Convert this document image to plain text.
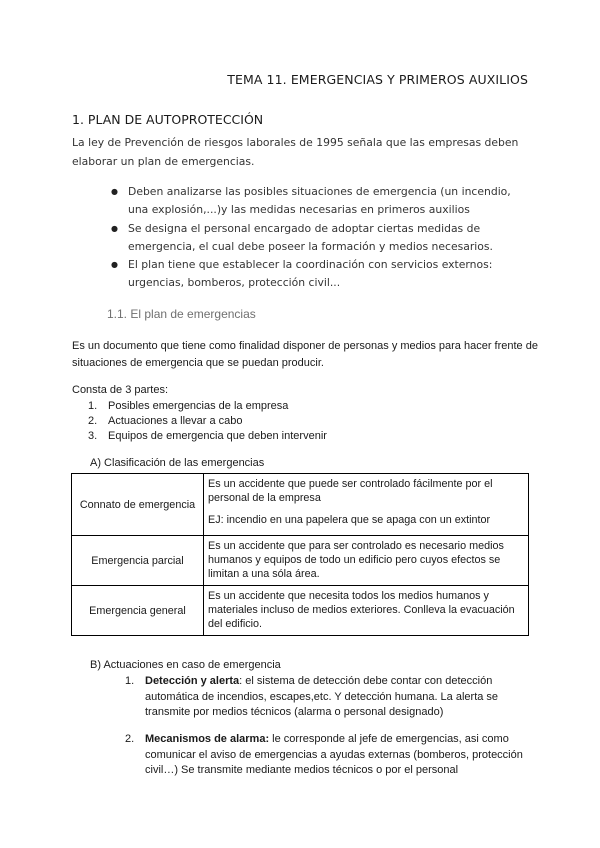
TEMA 11. EMERGENCIAS Y PRIMEROS AUXILIOS
1. PLAN DE AUTOPROTECCIÓN
La ley de Prevención de riesgos laborales de 1995 señala que las empresas deben elaborar un plan de emergencias.
● Deben analizarse las posibles situaciones de emergencia (un incendio, una explosión,...)y las medidas necesarias en primeros auxilios
● Se designa el personal encargado de adoptar ciertas medidas de emergencia, el cual debe poseer la formación y medios necesarios.
● El plan tiene que establecer la coordinación con servicios externos: urgencias, bomberos, protección civil...
1.1. El plan de emergencias
Es un documento que tiene como finalidad disponer de personas y medios para hacer frente de situaciones de emergencia que se puedan producir.
Consta de 3 partes:
1. Posibles emergencias de la empresa
2. Actuaciones a llevar a cabo
3. Equipos de emergencia que deben intervenir
A) Clasificación de las emergencias
Connato de emergencia	Es un accidente que puede ser controlado fácilmente por el personal de la empresa
EJ: incendio en una papelera que se apaga con un extintor

Emergencia parcial	Es un accidente que para ser controlado es necesario medios humanos y equipos de todo un edificio pero cuyos efectos se limitan a una sóla área.

Emergencia general	Es un accidente que necesita todos los medios humanos y materiales incluso de medios exteriores. Conlleva la evacuación del edificio.
B) Actuaciones en caso de emergencia
1. Detección y alerta: el sistema de detección debe contar con detección automática de incendios, escapes,etc. Y detección humana. La alerta se transmite por medios técnicos (alarma o personal designado)
2. Mecanismos de alarma: le corresponde al jefe de emergencias, asi como comunicar el aviso de emergencias a ayudas externas (bomberos, protección civil…) Se transmite mediante medios técnicos o por el personal
